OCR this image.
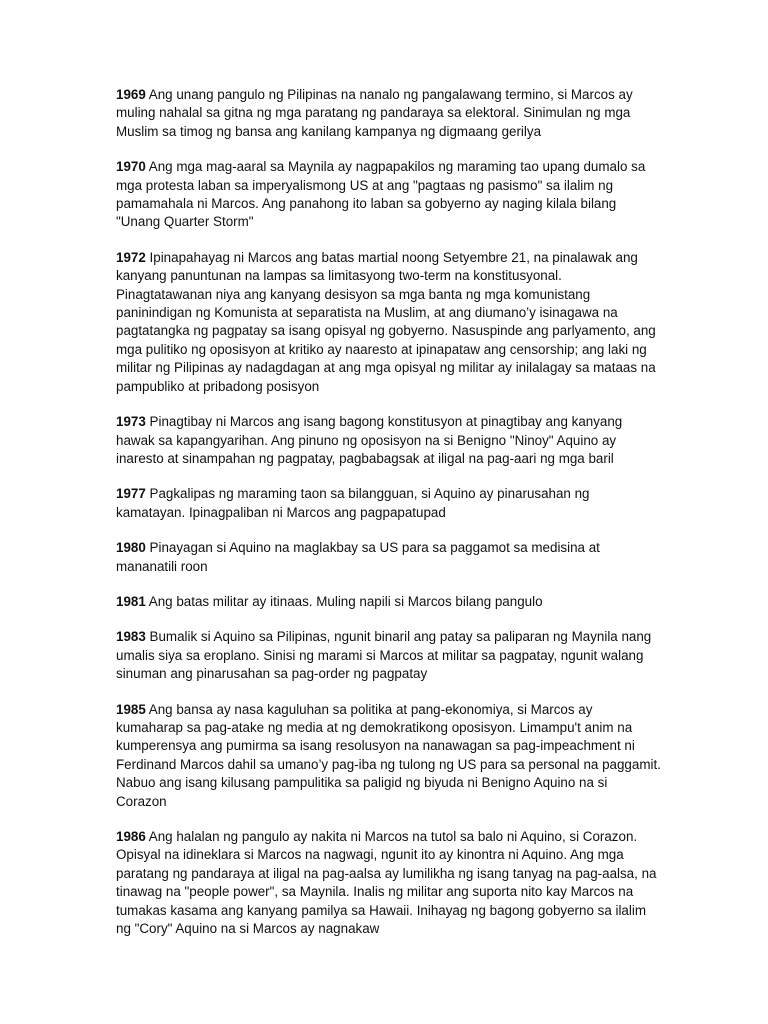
1969 Ang unang pangulo ng Pilipinas na nanalo ng pangalawang termino, si Marcos ay muling nahalal sa gitna ng mga paratang ng pandaraya sa elektoral. Sinimulan ng mga Muslim sa timog ng bansa ang kanilang kampanya ng digmaang gerilya

1970 Ang mga mag-aaral sa Maynila ay nagpapakilos ng maraming tao upang dumalo sa mga protesta laban sa imperyalismong US at ang "pagtaas ng pasismo" sa ilalim ng pamamahala ni Marcos. Ang panahong ito laban sa gobyerno ay naging kilala bilang "Unang Quarter Storm"

1972 Ipinapahayag ni Marcos ang batas martial noong Setyembre 21, na pinalawak ang kanyang panuntunan na lampas sa limitasyong two-term na konstitusyonal. Pinagtatawanan niya ang kanyang desisyon sa mga banta ng mga komunistang paninindigan ng Komunista at separatista na Muslim, at ang diumano’y isinagawa na pagtatangka ng pagpatay sa isang opisyal ng gobyerno. Nasuspinde ang parlyamento, ang mga pulitiko ng oposisyon at kritiko ay naaresto at ipinapataw ang censorship; ang laki ng militar ng Pilipinas ay nadagdagan at ang mga opisyal ng militar ay inilalagay sa mataas na pampubliko at pribadong posisyon

1973 Pinagtibay ni Marcos ang isang bagong konstitusyon at pinagtibay ang kanyang hawak sa kapangyarihan. Ang pinuno ng oposisyon na si Benigno "Ninoy" Aquino ay inaresto at sinampahan ng pagpatay, pagbabagsak at iligal na pag-aari ng mga baril

1977 Pagkalipas ng maraming taon sa bilangguan, si Aquino ay pinarusahan ng kamatayan. Ipinagpaliban ni Marcos ang pagpapatupad

1980 Pinayagan si Aquino na maglakbay sa US para sa paggamot sa medisina at mananatili roon

1981 Ang batas militar ay itinaas. Muling napili si Marcos bilang pangulo

1983 Bumalik si Aquino sa Pilipinas, ngunit binaril ang patay sa paliparan ng Maynila nang umalis siya sa eroplano. Sinisi ng marami si Marcos at militar sa pagpatay, ngunit walang sinuman ang pinarusahan sa pag-order ng pagpatay

1985 Ang bansa ay nasa kaguluhan sa politika at pang-ekonomiya, si Marcos ay kumaharap sa pag-atake ng media at ng demokratikong oposisyon. Limampu't anim na kumperensya ang pumirma sa isang resolusyon na nanawagan sa pag-impeachment ni Ferdinand Marcos dahil sa umano’y pag-iba ng tulong ng US para sa personal na paggamit. Nabuo ang isang kilusang pampulitika sa paligid ng biyuda ni Benigno Aquino na si Corazon

1986 Ang halalan ng pangulo ay nakita ni Marcos na tutol sa balo ni Aquino, si Corazon. Opisyal na idineklara si Marcos na nagwagi, ngunit ito ay kinontra ni Aquino. Ang mga paratang ng pandaraya at iligal na pag-aalsa ay lumilikha ng isang tanyag na pag-aalsa, na tinawag na "people power", sa Maynila. Inalis ng militar ang suporta nito kay Marcos na tumakas kasama ang kanyang pamilya sa Hawaii. Inihayag ng bagong gobyerno sa ilalim ng "Cory" Aquino na si Marcos ay nagnakaw
